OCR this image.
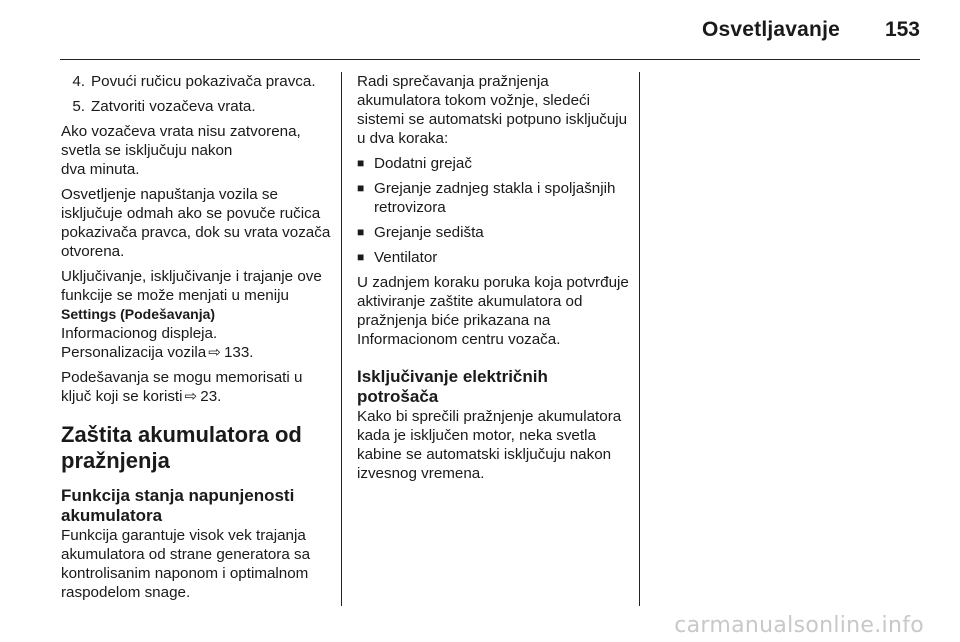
Osvetljavanje 153
4. Povući ručicu pokazivača pravca.
5. Zatvoriti vozačeva vrata.

Ako vozačeva vrata nisu zatvorena, svetla se isključuju nakon
dva minuta.

Osvetljenje napuštanja vozila se isključuje odmah ako se povuče ručica pokazivača pravca, dok su vrata vozača otvorena.

Uključivanje, isključivanje i trajanje ove funkcije se može menjati u meniju
Settings (Podešavanja)
Informacionog displeja.
Personalizacija vozila ⇨ 133.

Podešavanja se mogu memorisati u ključ koji se koristi ⇨ 23.

Zaštita akumulatora od pražnjenja
Funkcija stanja napunjenosti akumulatora

Funkcija garantuje visok vek trajanja akumulatora od strane generatora sa kontrolisanim naponom i optimalnom raspodelom snage.

Radi sprečavanja pražnjenja akumulatora tokom vožnje, sledeći sistemi se automatski potpuno isključuju u dva koraka:

■ Dodatni grejač
■ Grejanje zadnjeg stakla i spoljašnjih retrovizora
■ Grejanje sedišta
■ Ventilator

U zadnjem koraku poruka koja potvrđuje aktiviranje zaštite akumulatora od pražnjenja biće prikazana na Informacionom centru vozača.

Isključivanje električnih potrošača

Kako bi sprečili pražnjenje akumulatora kada je isključen motor, neka svetla kabine se automatski isključuju nakon izvesnog vremena.

carmanualsonline.info
